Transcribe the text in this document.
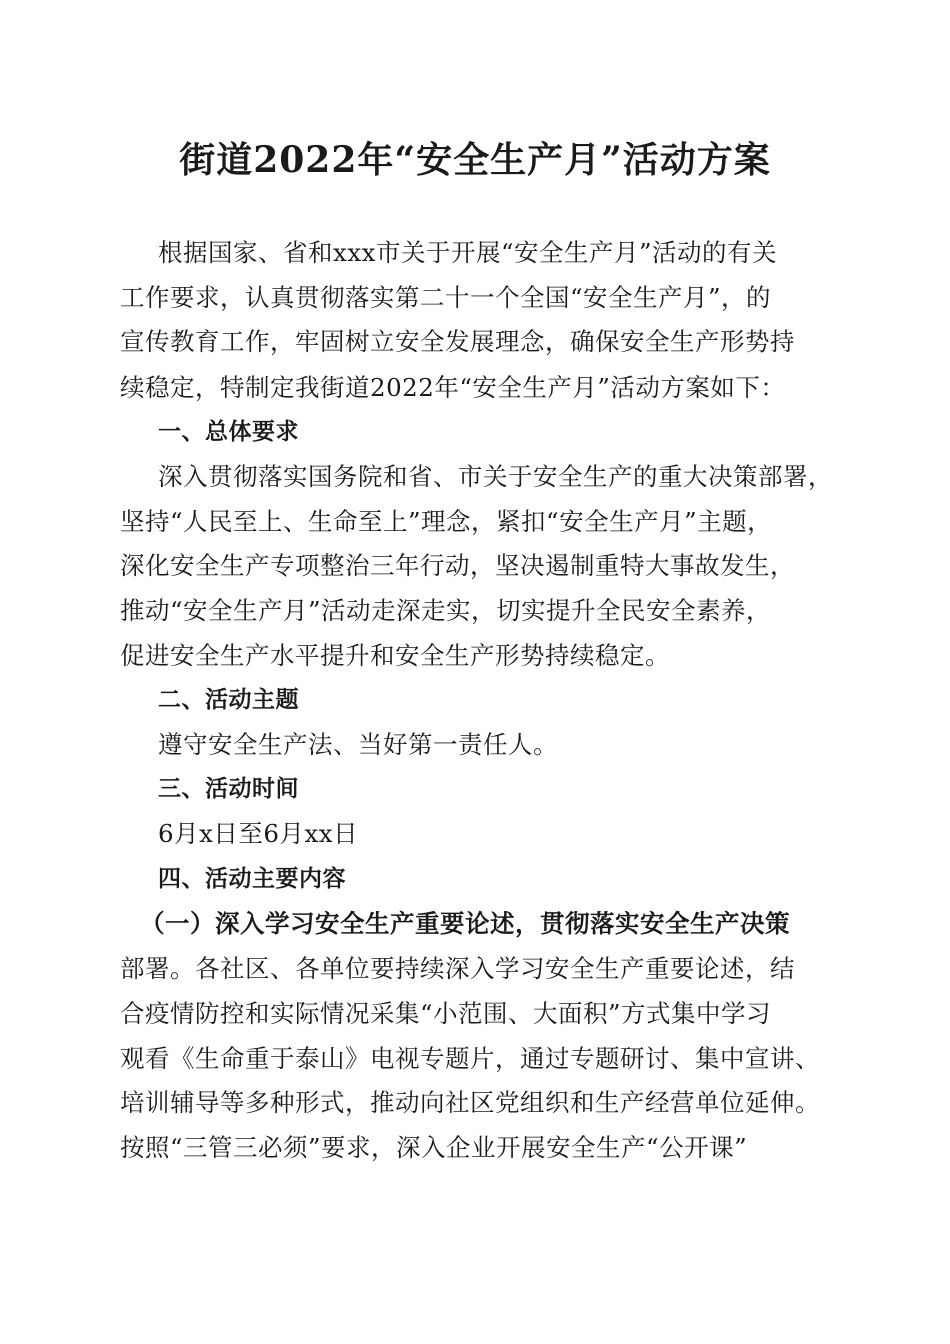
街道2022年“安全生产月”活动方案
根据国家、省和xxx市关于开展“安全生产月”活动的有关
工作要求，认真贯彻落实第二十一个全国“安全生产月”，的
宣传教育工作，牢固树立安全发展理念，确保安全生产形势持
续稳定，特制定我街道2022年“安全生产月”活动方案如下：
一、总体要求
深入贯彻落实国务院和省、市关于安全生产的重大决策部署，
坚持“人民至上、生命至上”理念，紧扣“安全生产月”主题，
深化安全生产专项整治三年行动，坚决遏制重特大事故发生，
推动“安全生产月”活动走深走实，切实提升全民安全素养，
促进安全生产水平提升和安全生产形势持续稳定。
二、活动主题
遵守安全生产法、当好第一责任人。
三、活动时间
6月x日至6月xx日
四、活动主要内容
（一）深入学习安全生产重要论述，贯彻落实安全生产决策
部署。各社区、各单位要持续深入学习安全生产重要论述，结
合疫情防控和实际情况采集“小范围、大面积”方式集中学习
观看《生命重于泰山》电视专题片，通过专题研讨、集中宣讲、
培训辅导等多种形式，推动向社区党组织和生产经营单位延伸。
按照“三管三必须”要求，深入企业开展安全生产“公开课”
